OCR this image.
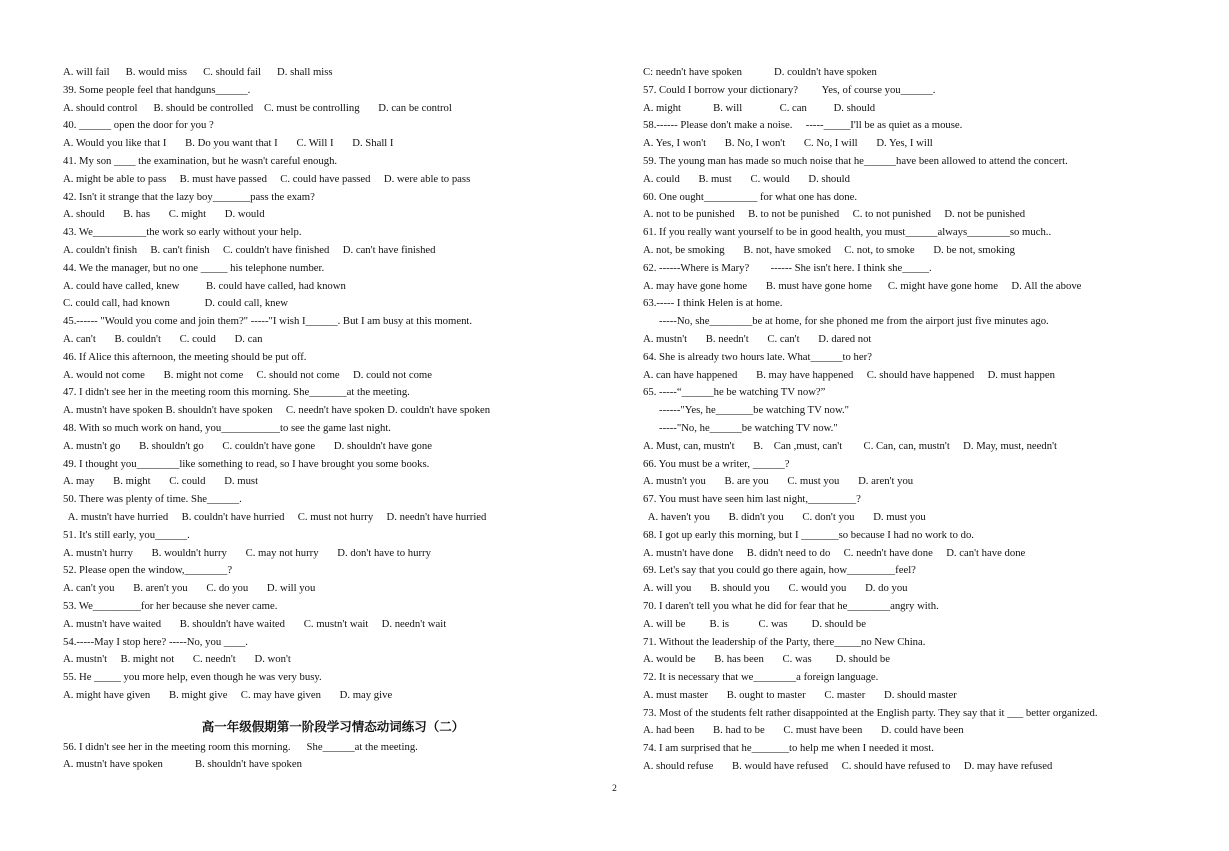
A. will fail      B. would miss      C. should fail      D. shall miss
39. Some people feel that handguns______.
A. should control      B. should be controlled    C. must be controlling       D. can be control
40. ______ open the door for you ?
A. Would you like that I       B. Do you want that I       C. Will I       D. Shall I
41. My son ____ the examination, but he wasn't careful enough.
A. might be able to pass     B. must have passed     C. could have passed     D. were able to pass
42. Isn't it strange that the lazy boy_______pass the exam?
A. should       B. has       C. might       D. would
43. We__________the work so early without your help.
A. couldn't finish     B. can't finish     C. couldn't have finished     D. can't have finished
44. We the manager, but no one _____ his telephone number.
A. could have called, knew          B. could have called, had known
C. could call, had known             D. could call, knew
45.------ "Would you come and join them?" -----"I wish I______. But I am busy at this moment.
A. can't       B. couldn't       C. could       D. can
46. If Alice this afternoon, the meeting should be put off.
A. would not come       B. might not come     C. should not come     D. could not come
47. I didn't see her in the meeting room this morning. She_______at the meeting.
A. mustn't have spoken B. shouldn't have spoken     C. needn't have spoken D. couldn't have spoken
48. With so much work on hand, you___________to see the game last night.
A. mustn't go       B. shouldn't go       C. couldn't have gone       D. shouldn't have gone
49. I thought you________like something to read, so I have brought you some books.
A. may       B. might       C. could       D. must
50. There was plenty of time. She______.
A. mustn't have hurried     B. couldn't have hurried     C. must not hurry     D. needn't have hurried
51. It's still early, you______.
A. mustn't hurry       B. wouldn't hurry       C. may not hurry       D. don't have to hurry
52. Please open the window,________?
A. can't you       B. aren't you       C. do you       D. will you
53. We_________for her because she never came.
A. mustn't have waited       B. shouldn't have waited       C. mustn't wait     D. needn't wait
54.-----May I stop here? -----No, you ____.
A. mustn't     B. might not       C. needn't       D. won't
55. He _____ you more help, even though he was very busy.
A. might have given       B. might give     C. may have given       D. may give
高一年级假期第一阶段学习情态动词练习（二）
56. I didn't see her in the meeting room this morning.      She______at the meeting.
A. mustn't have spoken            B. shouldn't have spoken
C: needn't have spoken            D. couldn't have spoken
57. Could I borrow your dictionary?         Yes, of course you______.
A. might            B. will              C. can          D. should
58.------ Please don't make a noise.     -----_____I'll be as quiet as a mouse.
A. Yes, I won't       B. No, I won't       C. No, I will       D. Yes, I will
59. The young man has made so much noise that he______have been allowed to attend the concert.
A. could       B. must       C. would       D. should
60. One ought__________ for what one has done.
A. not to be punished     B. to not be punished     C. to not punished     D. not be punished
61. If you really want yourself to be in good health, you must______always________so much..
A. not, be smoking       B. not, have smoked     C. not, to smoke       D. be not, smoking
62. ------Where is Mary?        ------ She isn't here. I think she_____.
A. may have gone home       B. must have gone home      C. might have gone home     D. All the above
63.----- I think Helen is at home.
-----No, she________be at home, for she phoned me from the airport just five minutes ago.
A. mustn't       B. needn't       C. can't       D. dared not
64. She is already two hours late. What______to her?
A. can have happened       B. may have happened     C. should have happened     D. must happen
65. -----“______he be watching TV now?”
------"Yes, he_______be watching TV now."
-----"No, he______be watching TV now."
A. Must, can, mustn't       B.    Can ,must, can't        C. Can, can, mustn't     D. May, must, needn't
66. You must be a writer, ______?
A. mustn't you       B. are you       C. must you       D. aren't you
67. You must have seen him last night,_________?
A. haven't you       B. didn't you       C. don't you       D. must you
68. I got up early this morning, but I _______so because I had no work to do.
A. mustn't have done     B. didn't need to do     C. needn't have done     D. can't have done
69. Let's say that you could go there again, how_________feel?
A. will you       B. should you       C. would you       D. do you
70. I daren't tell you what he did for fear that he________angry with.
A. will be         B. is           C. was         D. should be
71. Without the leadership of the Party, there_____no New China.
A. would be       B. has been       C. was         D. should be
72. It is necessary that we________a foreign language.
A. must master       B. ought to master       C. master       D. should master
73. Most of the students felt rather disappointed at the English party. They say that it ___ better organized.
A. had been       B. had to be       C. must have been       D. could have been
74. I am surprised that he_______to help me when I needed it most.
A. should refuse       B. would have refused     C. should have refused to     D. may have refused
2
